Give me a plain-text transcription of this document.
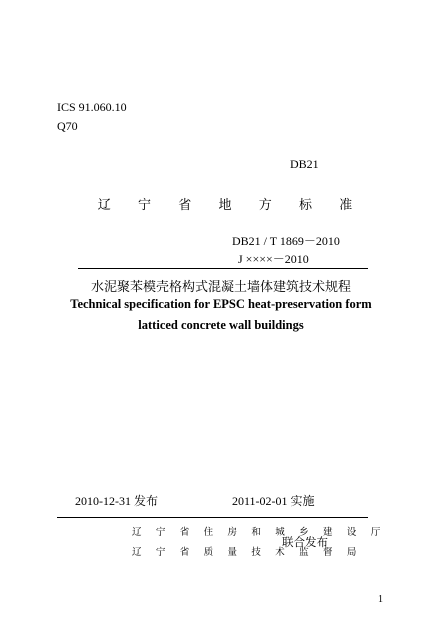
ICS 91.060.10
Q70
DB21
辽 宁 省 地 方 标 准
DB21 / T 1869－2010
J ××××－2010
水泥聚苯模壳格构式混凝土墙体建筑技术规程
Technical specification for EPSC heat-preservation form
latticed concrete wall buildings
2010-12-31 发布	2011-02-01 实施
辽 宁 省 住 房 和 城 乡 建 设 厅
辽 宁 省 质 量 技 术 监 督 局
联合发布
1
